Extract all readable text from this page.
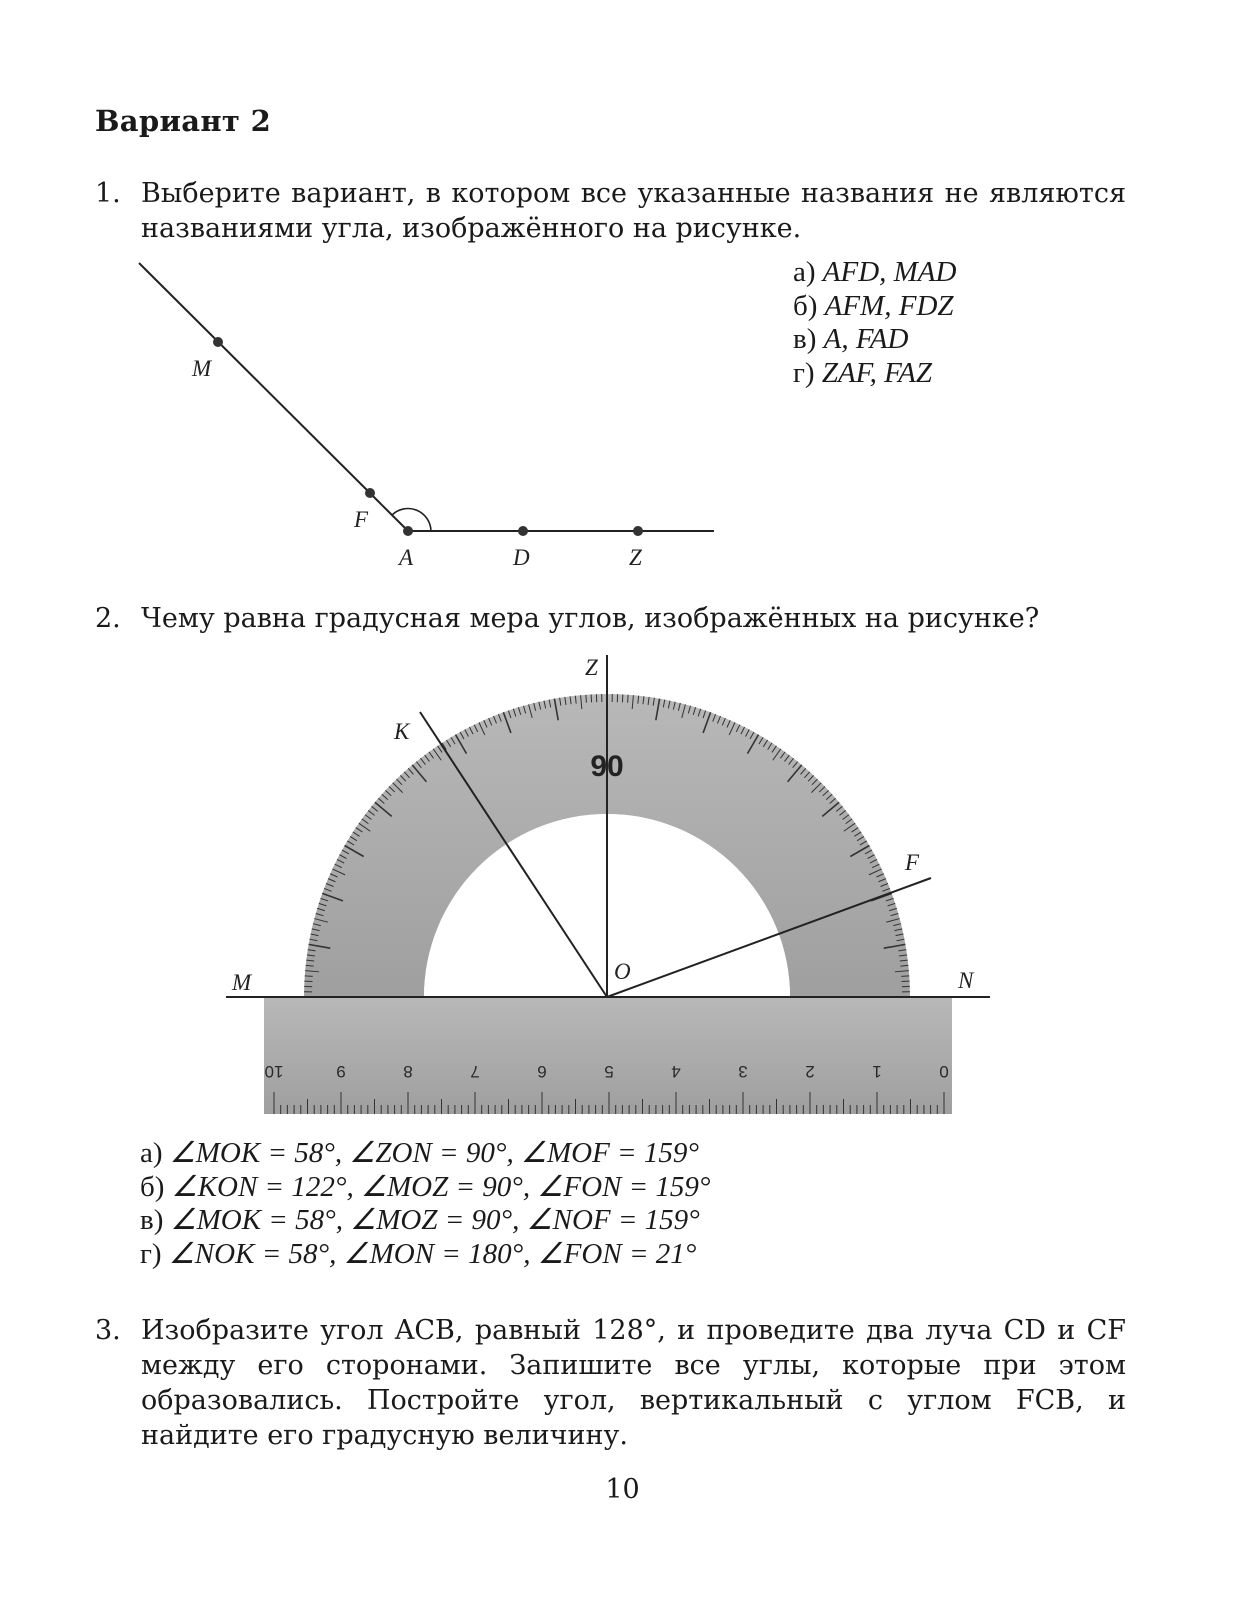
Вариант 2
1. Выберите вариант, в котором все указанные названия не являются названиями угла, изображённого на рисунке.
M
F
A	D	Z
а) AFD, MAD
б) AFM, FDZ
в) A, FAD
г) ZAF, FAZ
2. Чему равна градусная мера углов, изображённых на рисунке?
90
Z
K
F
O
M	N
10	9	8	7	6	5	4	3	2	1	0
а) ∠MOK = 58°, ∠ZON = 90°, ∠MOF = 159°
б) ∠KON = 122°, ∠MOZ = 90°, ∠FON = 159°
в) ∠MOK = 58°, ∠MOZ = 90°, ∠NOF = 159°
г) ∠NOK = 58°, ∠MON = 180°, ∠FON = 21°
3. Изобразите угол ACB, равный 128°, и проведите два луча CD и CF между его сторонами. Запишите все углы, которые при этом образовались. Постройте угол, вертикальный с углом FCB, и найдите его градусную величину.
10
